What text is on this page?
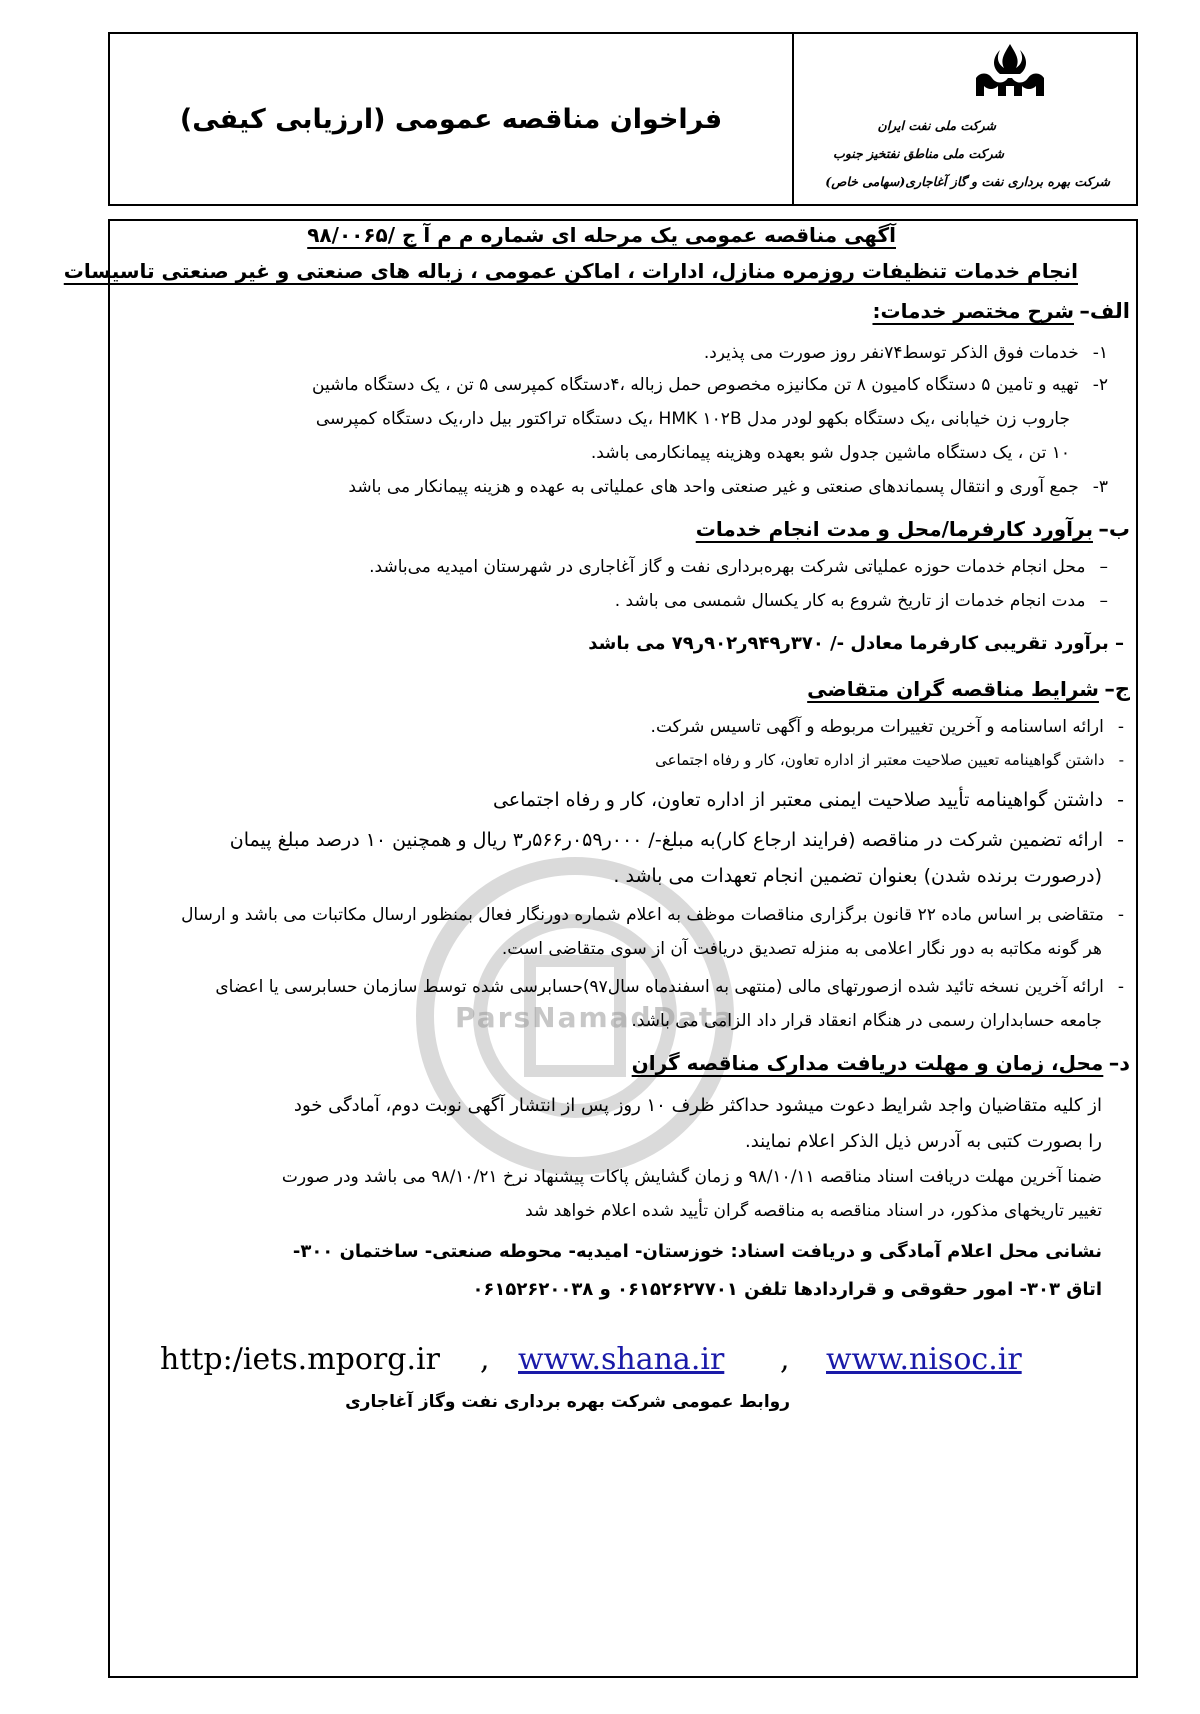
فراخوان مناقصه عمومی (ارزیابی کیفی)	شرکت ملی نفت ایران
شرکت ملی مناطق نفتخیز جنوب
شرکت بهره برداری نفت و گاز آغاجاری(سهامی خاص)
ParsNamadData
آگهی مناقصه عمومی یک مرحله ای شماره م م آ ج /۹۸/۰۰۶۵
انجام خدمات تنظیفات روزمره منازل، ادارات ، اماکن عمومی ، زباله های صنعتی و غیر صنعتی تاسیسات
الف– شرح مختصر خدمات:
۱-خدمات فوق الذکر توسط۷۴نفر روز صورت می پذیرد.
۲-تهیه و تامین ۵ دستگاه کامیون ۸ تن مکانیزه مخصوص حمل زباله ،۴دستگاه کمپرسی ۵ تن ، یک دستگاه ماشین
جاروب زن خیابانی ،یک دستگاه بکهو لودر مدل HMK ۱۰۲B ،یک دستگاه تراکتور بیل دار،یک دستگاه کمپرسی
۱۰ تن ، یک دستگاه ماشین جدول شو بعهده وهزینه پیمانکارمی باشد.
۳-جمع آوری و انتقال پسماندهای صنعتی و غیر صنعتی واحد های عملیاتی به عهده و هزینه پیمانکار می باشد
ب– برآورد کارفرما/محل و مدت انجام خدمات
–محل انجام خدمات حوزه عملیاتی شرکت بهره‌برداری نفت و گاز آغاجاری در شهرستان امیدیه می‌باشد.
–مدت انجام خدمات از تاریخ شروع به کار یکسال شمسی می باشد .
– برآورد تقریبی کارفرما معادل -/ ۳۷۰ر۹۴۹ر۹۰۲ر۷۹ می باشد
ج– شرایط مناقصه گران متقاضی
-ارائه اساسنامه و آخرین تغییرات مربوطه و آگهی تاسیس شرکت.
-داشتن گواهینامه تعیین صلاحیت معتبر از اداره تعاون، کار و رفاه اجتماعی
-داشتن گواهینامه تأیید صلاحیت ایمنی معتبر از اداره تعاون، کار و رفاه اجتماعی
-ارائه تضمین شرکت در مناقصه (فرایند ارجاع کار)به مبلغ-/ ۰۰۰ر۰۵۹ر۵۶۶ر۳ ریال و همچنین ۱۰ درصد مبلغ پیمان
(درصورت برنده شدن) بعنوان تضمین انجام تعهدات می باشد .
-متقاضی بر اساس ماده ۲۲ قانون برگزاری مناقصات موظف به اعلام شماره دورنگار فعال بمنظور ارسال مکاتبات می باشد و ارسال
هر گونه مکاتبه به دور نگار اعلامی به منزله تصدیق دریافت آن از سوی متقاضی است.
-ارائه آخرین نسخه تائید شده ازصورتهای مالی (منتهی به اسفندماه سال۹۷)حسابرسی شده توسط سازمان حسابرسی یا اعضای
جامعه حسابداران رسمی در هنگام انعقاد قرار داد الزامی می باشد.
د– محل، زمان و مهلت دریافت مدارک مناقصه گران
از کلیه متقاضیان واجد شرایط دعوت میشود حداکثر ظرف ۱۰ روز پس از انتشار آگهی نوبت دوم، آمادگی خود
را بصورت کتبی به آدرس ذیل الذکر اعلام نمایند.
ضمنا آخرین مهلت دریافت اسناد مناقصه ۹۸/۱۰/۱۱ و زمان گشایش پاکات پیشنهاد نرخ ۹۸/۱۰/۲۱ می باشد ودر صورت
تغییر تاریخهای مذکور، در اسناد مناقصه به مناقصه گران تأیید شده اعلام خواهد شد
نشانی محل اعلام آمادگی و دریافت اسناد: خوزستان- امیدیه- محوطه صنعتی- ساختمان ۳۰۰-
اتاق ۳۰۳- امور حقوقی و قراردادها تلفن ۰۶۱۵۲۶۲۷۷۰۱ و ۰۶۱۵۲۶۲۰۰۳۸
http:/iets.mporg.ir , www.shana.ir , www.nisoc.ir
روابط عمومی شرکت بهره برداری نفت وگاز آغاجاری
